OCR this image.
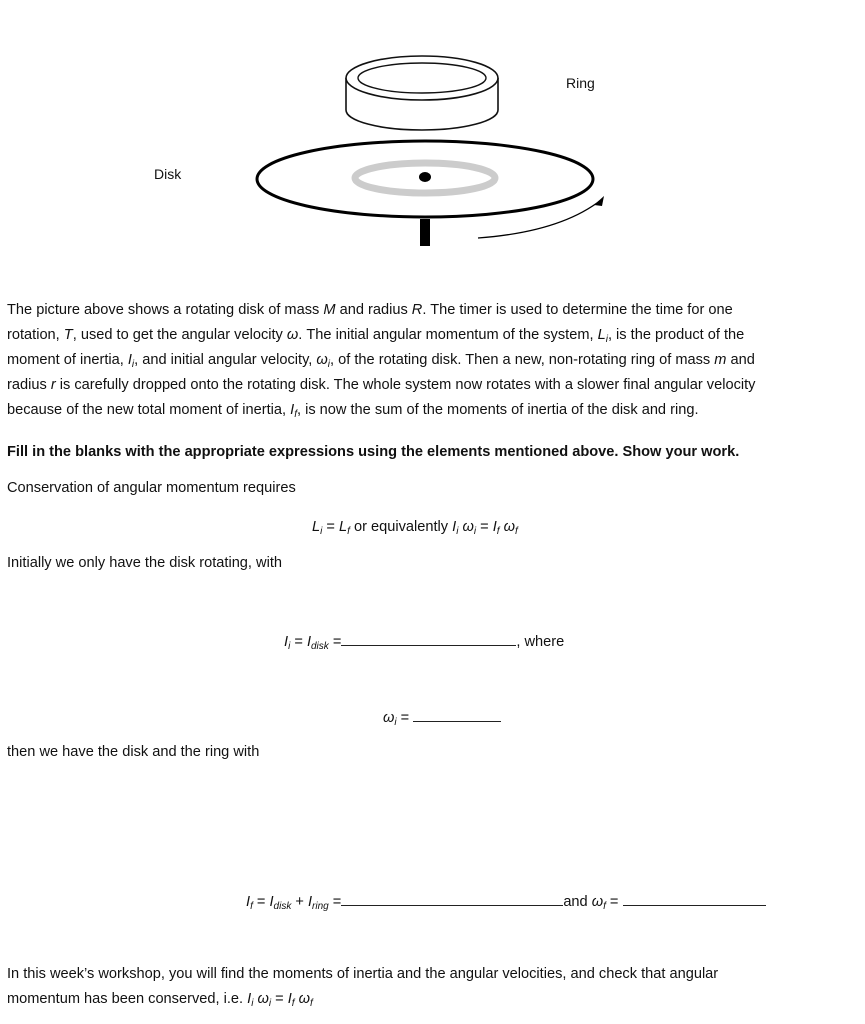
Ring
Disk
The picture above shows a rotating disk of mass M and radius R. The timer is used to determine the time for one
rotation, T, used to get the angular velocity ω. The initial angular momentum of the system, $L_i$, is the product of the
moment of inertia, $I_i$, and initial angular velocity, $\omega_i$, of the rotating disk. Then a new, non-rotating ring of mass m and
radius r is carefully dropped onto the rotating disk. The whole system now rotates with a slower final angular velocity
because of the new total moment of inertia, $I_f$, is now the sum of the moments of inertia of the disk and ring.
Fill in the blanks with the appropriate expressions using the elements mentioned above. Show your work.
Conservation of angular momentum requires
$L_i = L_f$ or equivalently $I_i$ $\omega_i = I_f$ $\omega_f$
Initially we only have the disk rotating, with
$I_i = I_{disk}$ =	, where
$\omega_i$ =
then we have the disk and the ring with
$I_f = I_{disk} + I_{ring}$ =	and $\omega_f$ =
In this week’s workshop, you will find the moments of inertia and the angular velocities, and check that angular
momentum has been conserved, i.e. $I_i$ $\omega_i = I_f$ $\omega_f$
